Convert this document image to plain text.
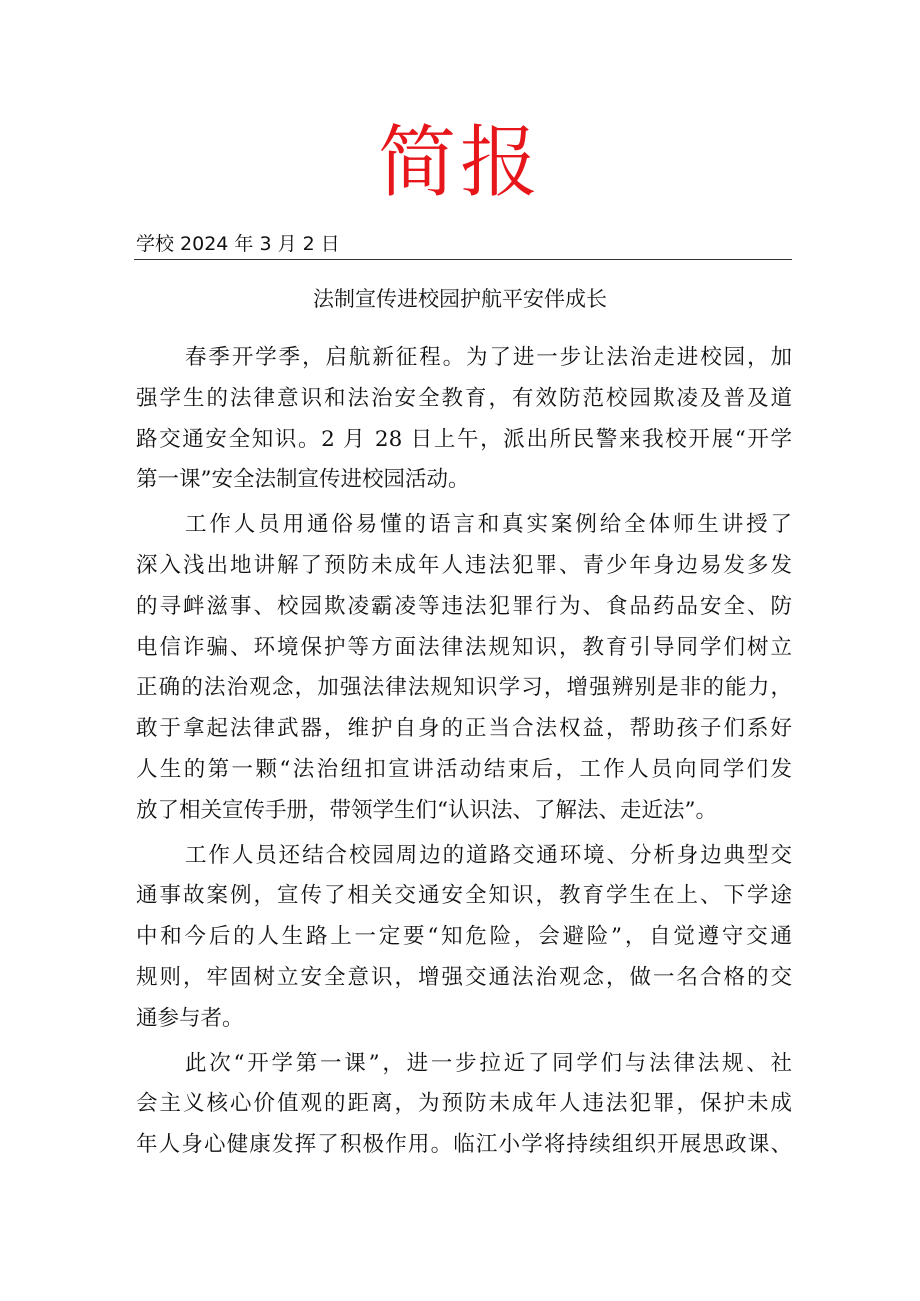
简报
学校 2024 年 3 月 2 日
法制宣传进校园护航平安伴成长
春季开学季，启航新征程。为了进一步让法治走进校园，加
强学生的法律意识和法治安全教育，有效防范校园欺凌及普及道
路交通安全知识。2 月 28 日上午，派出所民警来我校开展“开学
第一课”安全法制宣传进校园活动。
工作人员用通俗易懂的语言和真实案例给全体师生讲授了
深入浅出地讲解了预防未成年人违法犯罪、青少年身边易发多发
的寻衅滋事、校园欺凌霸凌等违法犯罪行为、食品药品安全、防
电信诈骗、环境保护等方面法律法规知识，教育引导同学们树立
正确的法治观念，加强法律法规知识学习，增强辨别是非的能力，
敢于拿起法律武器，维护自身的正当合法权益，帮助孩子们系好
人生的第一颗“法治纽扣宣讲活动结束后，工作人员向同学们发
放了相关宣传手册，带领学生们“认识法、了解法、走近法”。
工作人员还结合校园周边的道路交通环境、分析身边典型交
通事故案例，宣传了相关交通安全知识，教育学生在上、下学途
中和今后的人生路上一定要“知危险，会避险”，自觉遵守交通
规则，牢固树立安全意识，增强交通法治观念，做一名合格的交
通参与者。
此次“开学第一课”，进一步拉近了同学们与法律法规、社
会主义核心价值观的距离，为预防未成年人违法犯罪，保护未成
年人身心健康发挥了积极作用。临江小学将持续组织开展思政课、
